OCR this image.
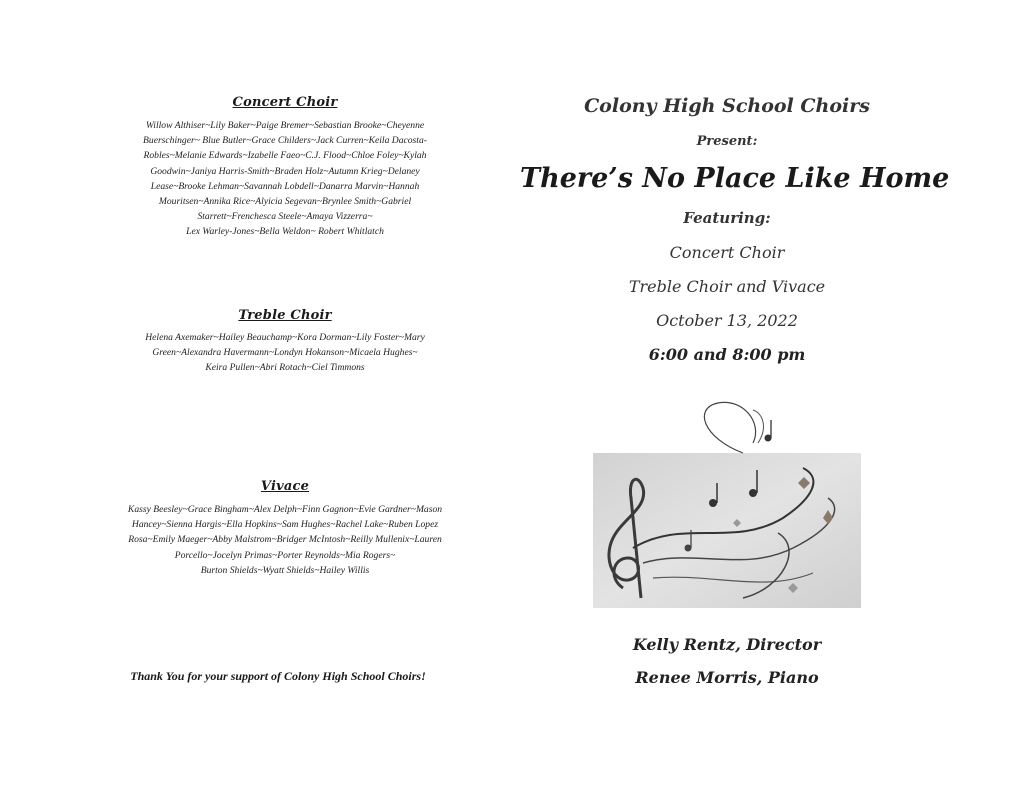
Concert Choir
Willow Althiser~Lily Baker~Paige Bremer~Sebastian Brooke~Cheyenne
Buerschinger~ Blue Butler~Grace Childers~Jack Curren~Keila Dacosta-
Robles~Melanie Edwards~Izabelle Faeo~C.J. Flood~Chloe Foley~Kylah
Goodwin~Janiya Harris-Smith~Braden Holz~Autumn Krieg~Delaney
Lease~Brooke Lehman~Savannah Lobdell~Danarra Marvin~Hannah
Mouritsen~Annika Rice~Alyicia Segevan~Brynlee Smith~Gabriel
Starrett~Frenchesca Steele~Amaya Vizzerra~
Lex Warley-Jones~Bella Weldon~ Robert Whitlatch
Treble Choir
Helena Axemaker~Hailey Beauchamp~Kora Dorman~Lily Foster~Mary
Green~Alexandra Havermann~Londyn Hokanson~Micaela Hughes~
Keira Pullen~Abri Rotach~Ciel Timmons
Vivace
Kassy Beesley~Grace Bingham~Alex Delph~Finn Gagnon~Evie Gardner~Mason
Hancey~Sienna Hargis~Ella Hopkins~Sam Hughes~Rachel Lake~Ruben Lopez
Rosa~Emily Maeger~Abby Malstrom~Bridger McIntosh~Reilly Mullenix~Lauren
Porcello~Jocelyn Primas~Porter Reynolds~Mia Rogers~
Burton Shields~Wyatt Shields~Hailey Willis
Thank You for your support of Colony High School Choirs!
Colony High School Choirs
Present:
There’s No Place Like Home
Featuring:
Concert Choir
Treble Choir and Vivace
October 13, 2022
6:00 and 8:00 pm
Kelly Rentz, Director
Renee Morris, Piano
